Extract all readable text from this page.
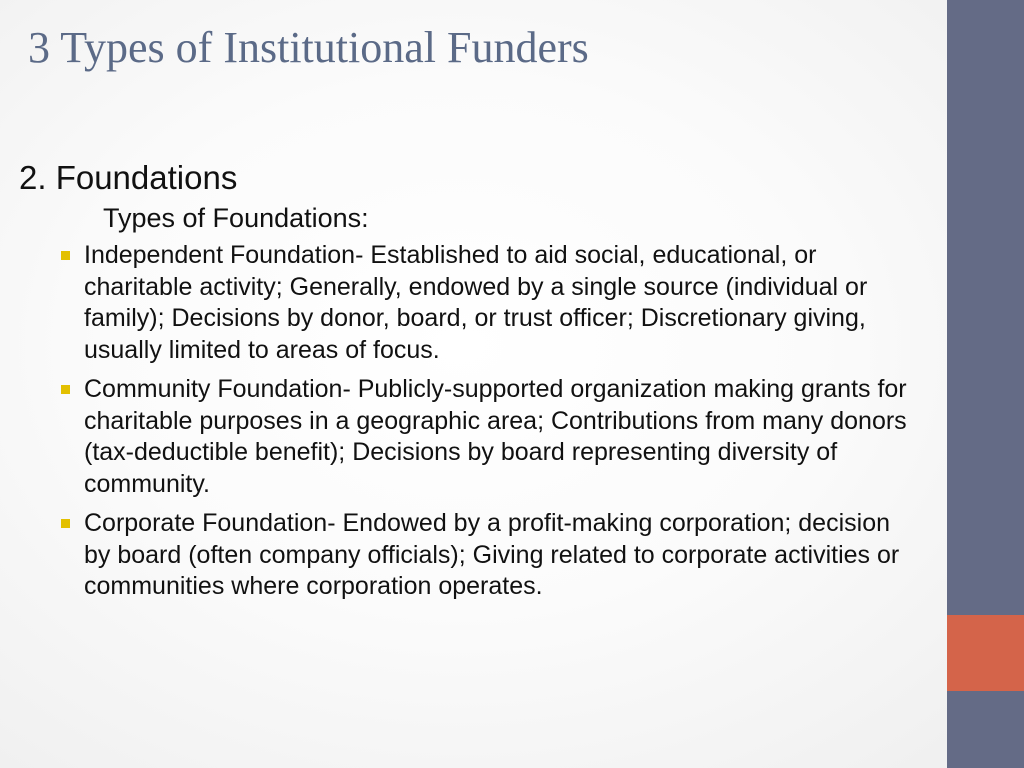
3 Types of Institutional Funders
2. Foundations
Types of Foundations:
Independent Foundation- Established to aid social, educational, or charitable activity; Generally, endowed by a single source (individual or family); Decisions by donor, board, or trust officer; Discretionary giving, usually limited to areas of focus.
Community Foundation- Publicly-supported organization making grants for charitable purposes in a geographic area; Contributions from many donors (tax-deductible benefit); Decisions by board representing diversity of community.
Corporate Foundation- Endowed by a profit-making corporation; decision by board (often company officials); Giving related to corporate activities or communities where corporation operates.
